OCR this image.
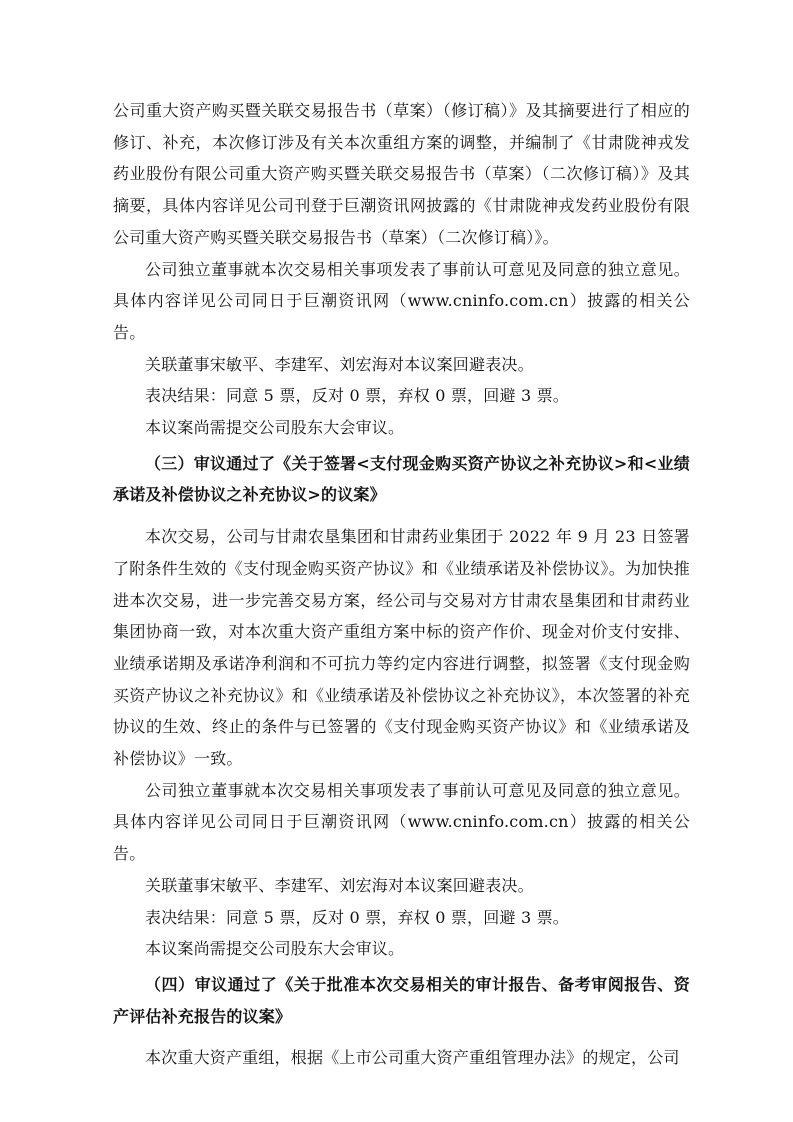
公司重大资产购买暨关联交易报告书（草案）（修订稿）》及其摘要进行了相应的修订、补充，本次修订涉及有关本次重组方案的调整，并编制了《甘肃陇神戎发药业股份有限公司重大资产购买暨关联交易报告书（草案）（二次修订稿）》及其摘要，具体内容详见公司刊登于巨潮资讯网披露的《甘肃陇神戎发药业股份有限公司重大资产购买暨关联交易报告书（草案）（二次修订稿）》。

公司独立董事就本次交易相关事项发表了事前认可意见及同意的独立意见。具体内容详见公司同日于巨潮资讯网（www.cninfo.com.cn）披露的相关公告。

关联董事宋敏平、李建军、刘宏海对本议案回避表决。

表决结果：同意 5 票，反对 0 票，弃权 0 票，回避 3 票。

本议案尚需提交公司股东大会审议。

（三）审议通过了《关于签署<支付现金购买资产协议之补充协议>和<业绩承诺及补偿协议之补充协议>的议案》

本次交易，公司与甘肃农垦集团和甘肃药业集团于 2022 年 9 月 23 日签署了附条件生效的《支付现金购买资产协议》和《业绩承诺及补偿协议》。为加快推进本次交易，进一步完善交易方案，经公司与交易对方甘肃农垦集团和甘肃药业集团协商一致，对本次重大资产重组方案中标的资产作价、现金对价支付安排、业绩承诺期及承诺净利润和不可抗力等约定内容进行调整，拟签署《支付现金购买资产协议之补充协议》和《业绩承诺及补偿协议之补充协议》，本次签署的补充协议的生效、终止的条件与已签署的《支付现金购买资产协议》和《业绩承诺及补偿协议》一致。

公司独立董事就本次交易相关事项发表了事前认可意见及同意的独立意见。具体内容详见公司同日于巨潮资讯网（www.cninfo.com.cn）披露的相关公告。

关联董事宋敏平、李建军、刘宏海对本议案回避表决。

表决结果：同意 5 票，反对 0 票，弃权 0 票，回避 3 票。

本议案尚需提交公司股东大会审议。

（四）审议通过了《关于批准本次交易相关的审计报告、备考审阅报告、资产评估补充报告的议案》

本次重大资产重组，根据《上市公司重大资产重组管理办法》的规定，公司
